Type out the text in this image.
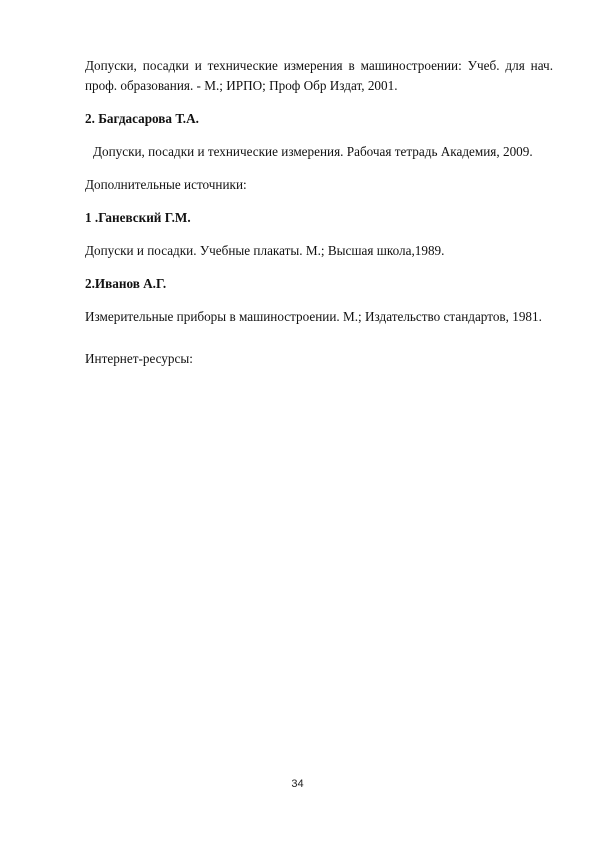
Допуски, посадки и технические измерения в машиностроении: Учеб. для нач. проф. образования. - М.; ИРПО; Проф Обр Издат, 2001.

2. Багдасарова Т.А.

Допуски, посадки и технические измерения. Рабочая тетрадь Академия, 2009.

Дополнительные источники:

1 .Ганевский Г.М.

Допуски и посадки. Учебные плакаты. М.; Высшая школа,1989.

2.Иванов А.Г.

Измерительные приборы в машиностроении. М.; Издательство стандартов, 1981.

Интернет-ресурсы:

34
